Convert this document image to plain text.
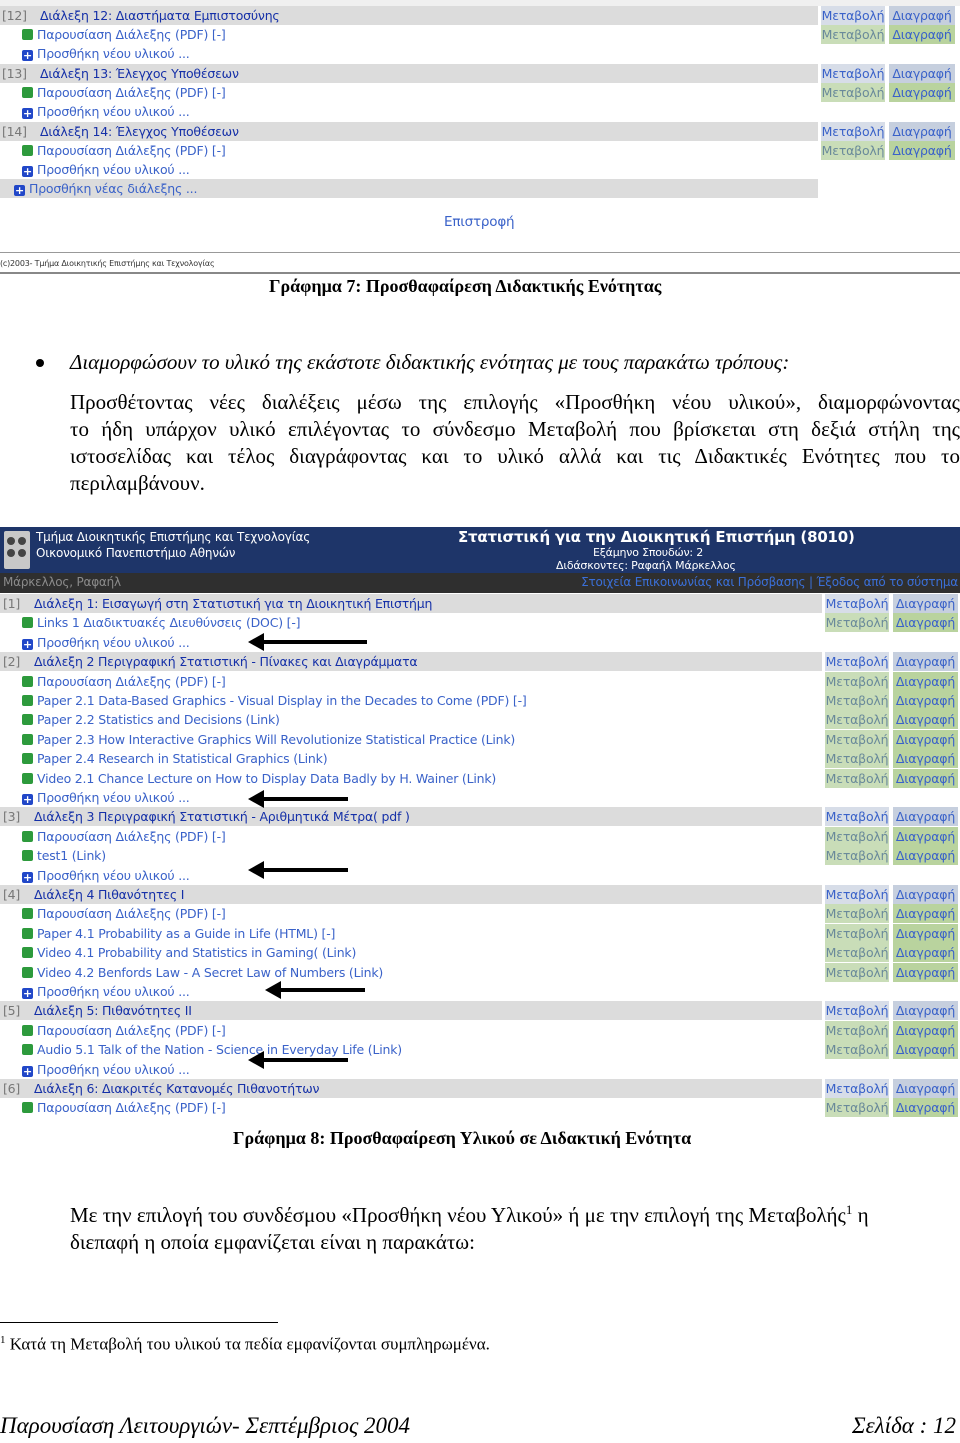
[12] Διάλεξη 12: Διαστήματα Εμπιστοσύνης	Μεταβολή Διαγραφή
Παρουσίαση Διάλεξης (PDF) [-]	Μεταβολή Διαγραφή
+ Προσθήκη νέου υλικού ...
[13] Διάλεξη 13: Έλεγχος Υποθέσεων	Μεταβολή Διαγραφή
Παρουσίαση Διάλεξης (PDF) [-]	Μεταβολή Διαγραφή
+ Προσθήκη νέου υλικού ...
[14] Διάλεξη 14: Έλεγχος Υποθέσεων	Μεταβολή Διαγραφή
Παρουσίαση Διάλεξης (PDF) [-]	Μεταβολή Διαγραφή
+ Προσθήκη νέου υλικού ...
+ Προσθήκη νέας διάλεξης ...
Επιστροφή
(c)2003- Τμήμα Διοικητικής Επιστήμης και Τεχνολογίας
Γράφημα 7: Προσθαφαίρεση Διδακτικής Ενότητας
Διαμορφώσουν το υλικό της εκάστοτε διδακτικής ενότητας με τους παρακάτω τρόπους:
Προσθέτοντας νέες διαλέξεις μέσω της επιλογής «Προσθήκη νέου υλικού», διαμορφώνοντας
το ήδη υπάρχον υλικό επιλέγοντας το σύνδεσμο Μεταβολή που βρίσκεται στη δεξιά στήλη της
ιστοσελίδας και τέλος διαγράφοντας και το υλικό αλλά και τις Διδακτικές Ενότητες που το
περιλαμβάνουν.
Τμήμα Διοικητικής Επιστήμης και Τεχνολογίας
Οικονομικό Πανεπιστήμιο Αθηνών
Στατιστική για την Διοικητική Επιστήμη (8010)
Εξάμηνο Σπουδών: 2
Διδάσκοντες: Ραφαήλ Μάρκελλος
Μάρκελλος, Ραφαήλ	Στοιχεία Επικοινωνίας και Πρόσβασης | Έξοδος από το σύστημα
[1] Διάλεξη 1: Εισαγωγή στη Στατιστική για τη Διοικητική Επιστήμη	Μεταβολή Διαγραφή
Links 1 Διαδικτυακές Διευθύνσεις (DOC) [-]	Μεταβολή Διαγραφή
+ Προσθήκη νέου υλικού ...
[2] Διάλεξη 2 Περιγραφική Στατιστική - Πίνακες και Διαγράμματα	Μεταβολή Διαγραφή
Παρουσίαση Διάλεξης (PDF) [-]	Μεταβολή Διαγραφή
Paper 2.1 Data-Based Graphics - Visual Display in the Decades to Come (PDF) [-]	Μεταβολή Διαγραφή
Paper 2.2 Statistics and Decisions (Link)	Μεταβολή Διαγραφή
Paper 2.3 How Interactive Graphics Will Revolutionize Statistical Practice (Link)	Μεταβολή Διαγραφή
Paper 2.4 Research in Statistical Graphics (Link)	Μεταβολή Διαγραφή
Video 2.1 Chance Lecture on How to Display Data Badly by H. Wainer (Link)	Μεταβολή Διαγραφή
+ Προσθήκη νέου υλικού ...
[3] Διάλεξη 3 Περιγραφική Στατιστική - Αριθμητικά Μέτρα( pdf )	Μεταβολή Διαγραφή
Παρουσίαση Διάλεξης (PDF) [-]	Μεταβολή Διαγραφή
test1 (Link)	Μεταβολή Διαγραφή
+ Προσθήκη νέου υλικού ...
[4] Διάλεξη 4 Πιθανότητες I	Μεταβολή Διαγραφή
Παρουσίαση Διάλεξης (PDF) [-]	Μεταβολή Διαγραφή
Paper 4.1 Probability as a Guide in Life (HTML) [-]	Μεταβολή Διαγραφή
Video 4.1 Probability and Statistics in Gaming( (Link)	Μεταβολή Διαγραφή
Video 4.2 Benfords Law - A Secret Law of Numbers (Link)	Μεταβολή Διαγραφή
+ Προσθήκη νέου υλικού ...
[5] Διάλεξη 5: Πιθανότητες II	Μεταβολή Διαγραφή
Παρουσίαση Διάλεξης (PDF) [-]	Μεταβολή Διαγραφή
Audio 5.1 Talk of the Nation - Science in Everyday Life (Link)	Μεταβολή Διαγραφή
+ Προσθήκη νέου υλικού ...
[6] Διάλεξη 6: Διακριτές Κατανομές Πιθανοτήτων	Μεταβολή Διαγραφή
Παρουσίαση Διάλεξης (PDF) [-]	Μεταβολή Διαγραφή
Γράφημα 8: Προσθαφαίρεση Υλικού σε Διδακτική Ενότητα
Με την επιλογή του συνδέσμου «Προσθήκη νέου Υλικού» ή με την επιλογή της Μεταβολής$^1$ η
διεπαφή η οποία εμφανίζεται είναι η παρακάτω:
$^1$ Κατά τη Μεταβολή του υλικού τα πεδία εμφανίζονται συμπληρωμένα.
Παρουσίαση Λειτουργιών- Σεπτέμβριος 2004	Σελίδα : 12
